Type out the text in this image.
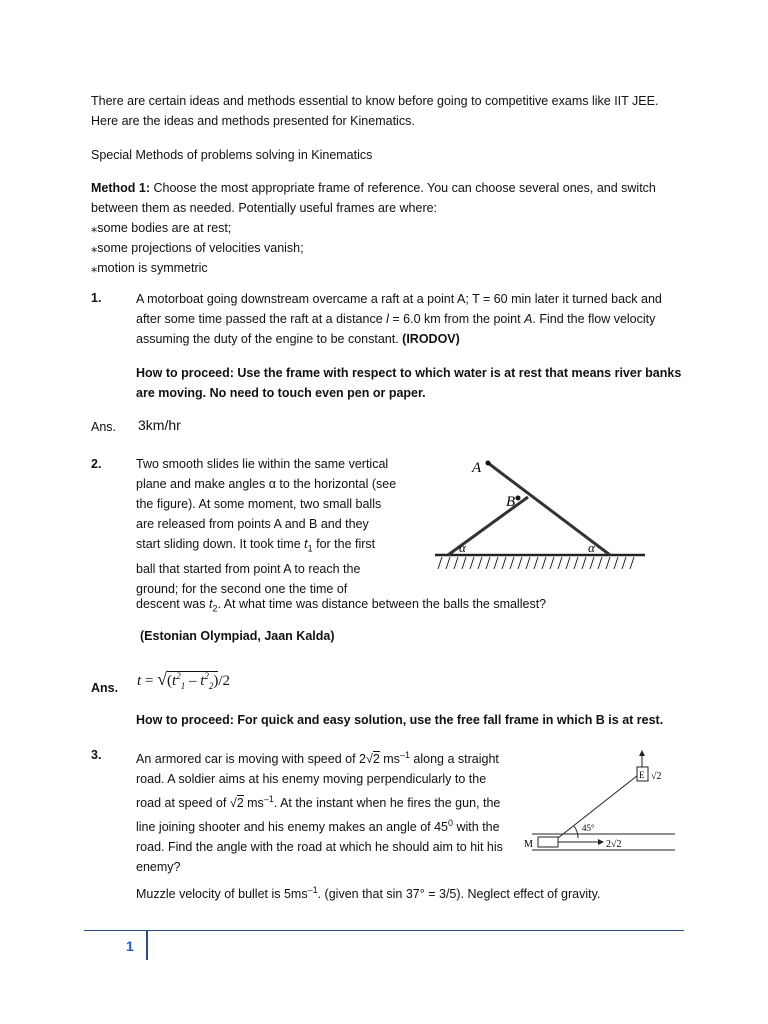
There are certain ideas and methods essential to know before going to competitive exams like IIT JEE.
Here are the ideas and methods presented for Kinematics.
Special Methods of problems solving in Kinematics
Method 1: Choose the most appropriate frame of reference. You can choose several ones, and switch
between them as needed. Potentially useful frames are where:
⁎some bodies are at rest;
⁎some projections of velocities vanish;
⁎motion is symmetric
1.	A motorboat going downstream overcame a raft at a point A; T = 60 min later it turned back and
after some time passed the raft at a distance l = 6.0 km from the point A. Find the flow velocity
assuming the duty of the engine to be constant. (IRODOV)
How to proceed: Use the frame with respect to which water is at rest that means river banks
are moving. No need to touch even pen or paper.
Ans. 3km/hr
2.	Two smooth slides lie within the same vertical
plane and make angles α to the horizontal (see
the figure). At some moment, two small balls
are released from points A and B and they
start sliding down. It took time $t_1$ for the first
ball that started from point A to reach the
ground; for the second one the time of
descent was $t_2$. At what time was distance between the balls the smallest?
A
B
α	α
(Estonian Olympiad, Jaan Kalda)
Ans. $t = √(t^2_1 - t^2_2)/2$
How to proceed: For quick and easy solution, use the free fall frame in which B is at rest.
3.	An armored car is moving with speed of 2√2 $ms^{-1}$ along a straight
road. A soldier aims at his enemy moving perpendicularly to the
road at speed of √2 $ms^{-1}$. At the instant when he fires the gun, the
line joining shooter and his enemy makes an angle of $45^0$ with the
road. Find the angle with the road at which he should aim to hit his
enemy?
M	2√2
45°
E √2
Muzzle velocity of bullet is $5ms^{-1}$. (given that sin 37° = 3/5). Neglect effect of gravity.
1
